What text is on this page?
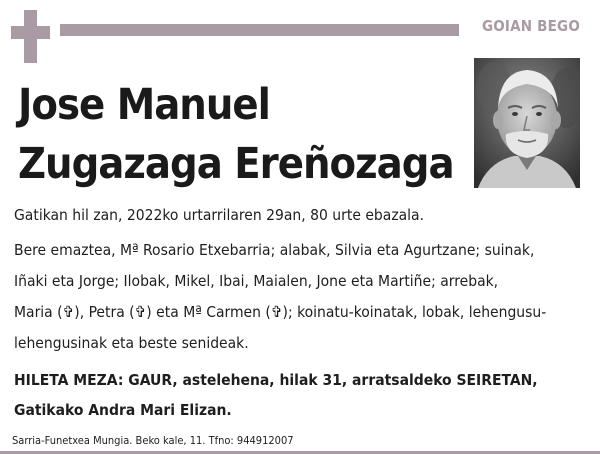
GOIAN BEGO
Jose Manuel
Zugazaga Ereñozaga
Gatikan hil zan, 2022ko urtarrilaren 29an, 80 urte ebazala.
Bere emaztea, Mª Rosario Etxebarria; alabak, Silvia eta Agurtzane; suinak,
Iñaki eta Jorge; Ilobak, Mikel, Ibai, Maialen, Jone eta Martiñe; arrebak,
Maria (✞), Petra (✞) eta Mª Carmen (✞); koinatu-koinatak, lobak, lehengusu-
lehengusinak eta beste senideak.
HILETA MEZA: GAUR, astelehena, hilak 31, arratsaldeko SEIRETAN,
Gatikako Andra Mari Elizan.
Sarria-Funetxea Mungia. Beko kale, 11. Tfno: 944912007
